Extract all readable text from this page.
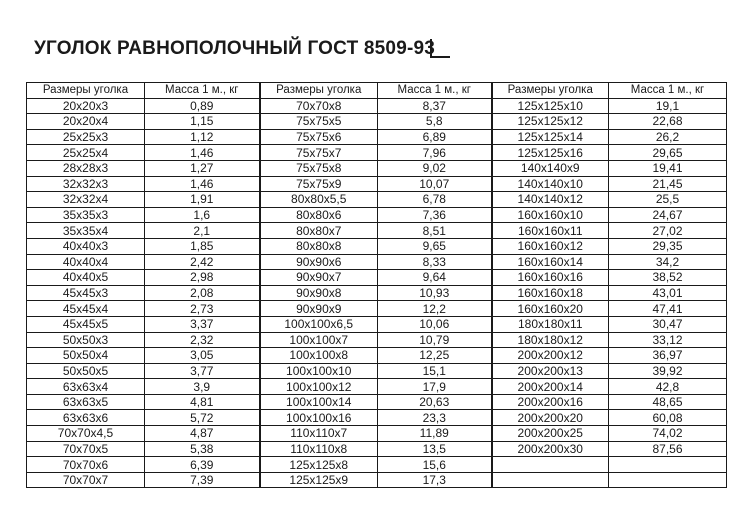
УГОЛОК РАВНОПОЛОЧНЫЙ ГОСТ 8509-93
Размеры уголка	Масса 1 м., кг	Размеры уголка	Масса 1 м., кг	Размеры уголка	Масса 1 м., кг
20x20x3	0,89	70x70x8	8,37	125x125x10	19,1
20x20x4	1,15	75x75x5	5,8	125x125x12	22,68
25x25x3	1,12	75x75x6	6,89	125x125x14	26,2
25x25x4	1,46	75x75x7	7,96	125x125x16	29,65
28x28x3	1,27	75x75x8	9,02	140x140x9	19,41
32x32x3	1,46	75x75x9	10,07	140x140x10	21,45
32x32x4	1,91	80x80x5,5	6,78	140x140x12	25,5
35x35x3	1,6	80x80x6	7,36	160x160x10	24,67
35x35x4	2,1	80x80x7	8,51	160x160x11	27,02
40x40x3	1,85	80x80x8	9,65	160x160x12	29,35
40x40x4	2,42	90x90x6	8,33	160x160x14	34,2
40x40x5	2,98	90x90x7	9,64	160x160x16	38,52
45x45x3	2,08	90x90x8	10,93	160x160x18	43,01
45x45x4	2,73	90x90x9	12,2	160x160x20	47,41
45x45x5	3,37	100x100x6,5	10,06	180x180x11	30,47
50x50x3	2,32	100x100x7	10,79	180x180x12	33,12
50x50x4	3,05	100x100x8	12,25	200x200x12	36,97
50x50x5	3,77	100x100x10	15,1	200x200x13	39,92
63x63x4	3,9	100x100x12	17,9	200x200x14	42,8
63x63x5	4,81	100x100x14	20,63	200x200x16	48,65
63x63x6	5,72	100x100x16	23,3	200x200x20	60,08
70x70x4,5	4,87	110x110x7	11,89	200x200x25	74,02
70x70x5	5,38	110x110x8	13,5	200x200x30	87,56
70x70x6	6,39	125x125x8	15,6		
70x70x7	7,39	125x125x9	17,3		
